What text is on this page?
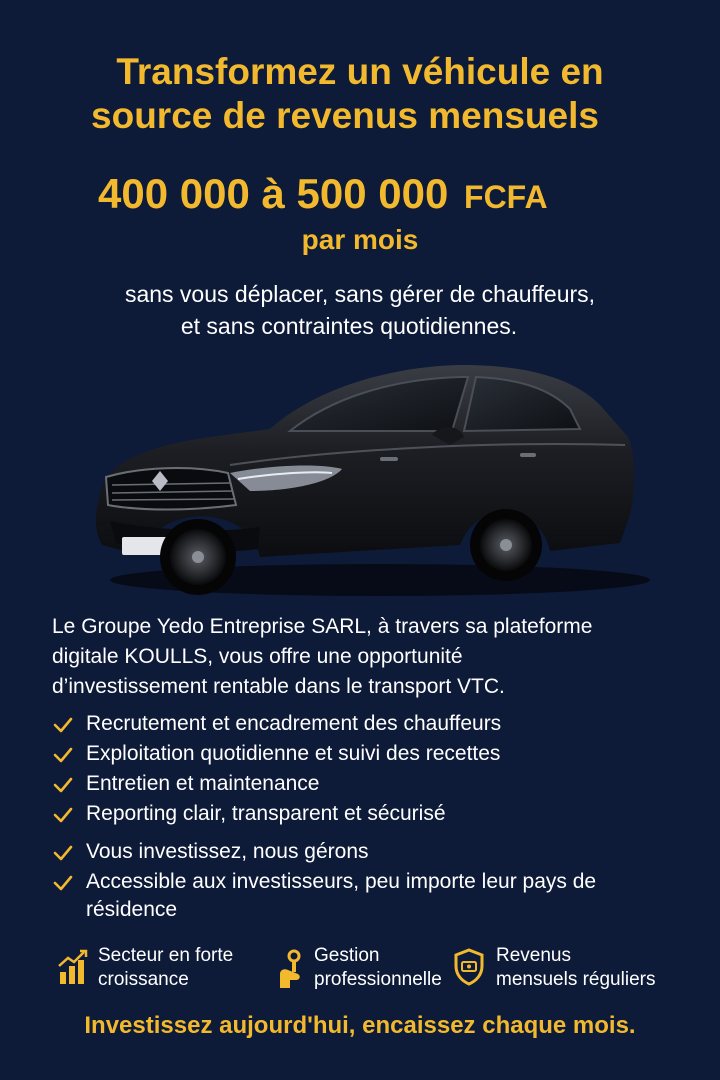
Transformez un véhicule en
source de revenus mensuels
400 000 à 500 000 FCFA
par mois
sans vous déplacer, sans gérer de chauffeurs,
et sans contraintes quotidiennes.

Le Groupe Yedo Entreprise SARL, à travers sa plateforme
digitale KOULLS, vous offre une opportunité
d’investissement rentable dans le transport VTC.

Recrutement et encadrement des chauffeurs
Exploitation quotidienne et suivi des recettes
Entretien et maintenance
Reporting clair, transparent et sécurisé
Vous investissez, nous gérons
Accessible aux investisseurs, peu importe leur pays de résidence
Secteur en forte
croissance
Gestion
professionnelle
Revenus
mensuels réguliers
Investissez aujourd'hui, encaissez chaque mois.
